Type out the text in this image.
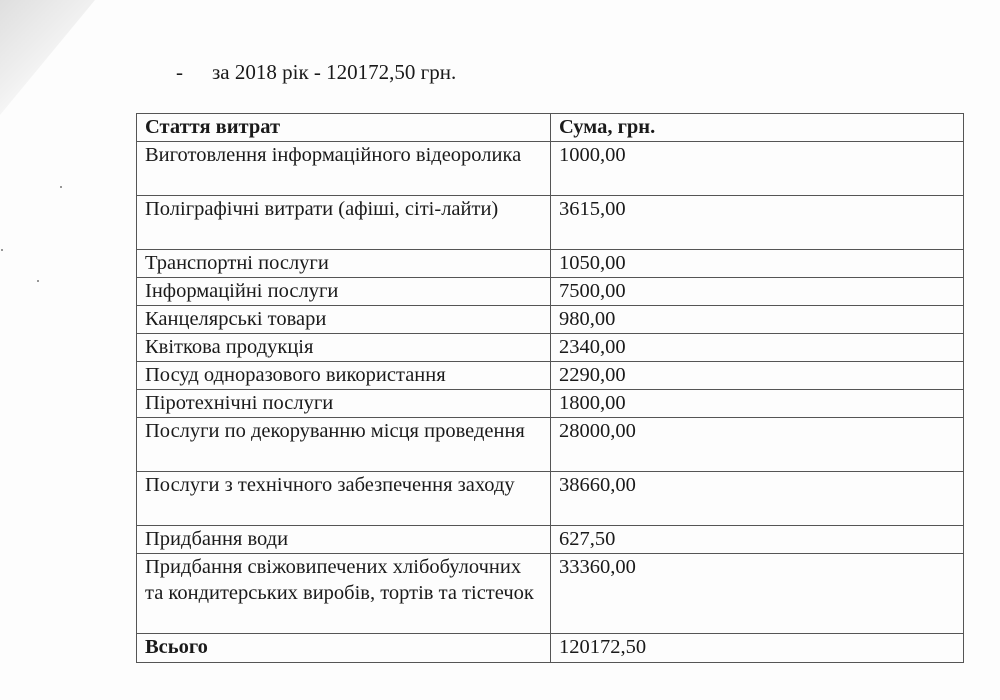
- за 2018 рік - 120172,50 грн.
Стаття витрат	Сума, грн.
Виготовлення інформаційного відеоролика	1000,00
Поліграфічні витрати (афіші, сіті-лайти)	3615,00
Транспортні послуги	1050,00
Інформаційні послуги	7500,00
Канцелярські товари	980,00
Квіткова продукція	2340,00
Посуд одноразового використання	2290,00
Піротехнічні послуги	1800,00
Послуги по декоруванню місця проведення	28000,00
Послуги з технічного забезпечення заходу	38660,00
Придбання води	627,50
Придбання свіжовипечених хлібобулочних та кондитерських виробів, тортів та тістечок	33360,00
Всього	120172,50
